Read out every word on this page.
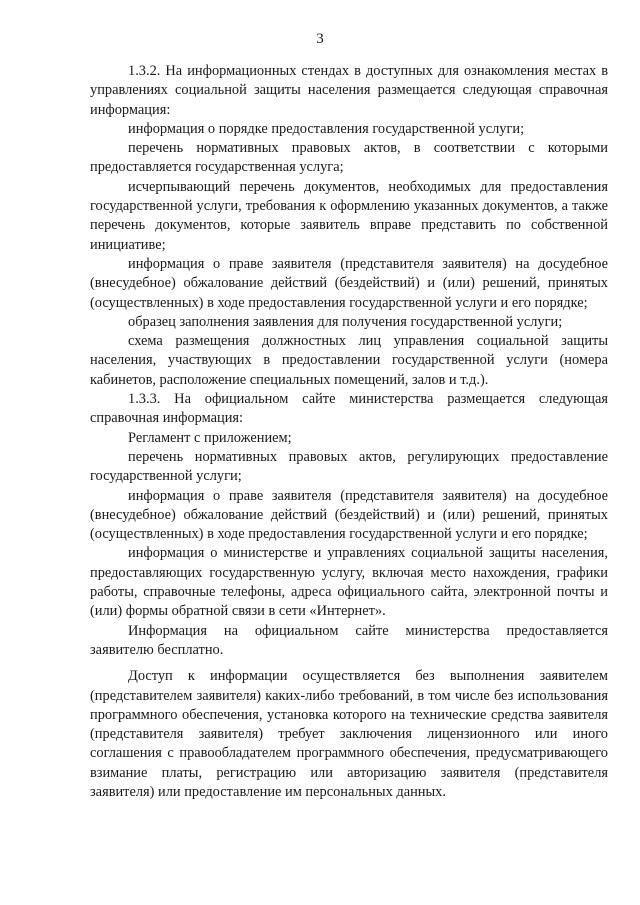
3

1.3.2. На информационных стендах в доступных для ознакомления местах в управлениях социальной защиты населения размещается следующая справочная информация:

информация о порядке предоставления государственной услуги;

перечень нормативных правовых актов, в соответствии с которыми предоставляется государственная услуга;

исчерпывающий перечень документов, необходимых для предоставления государственной услуги, требования к оформлению указанных документов, а также перечень документов, которые заявитель вправе представить по собственной инициативе;

информация о праве заявителя (представителя заявителя) на досудебное (внесудебное) обжалование действий (бездействий) и (или) решений, принятых (осуществленных) в ходе предоставления государственной услуги и его порядке;

образец заполнения заявления для получения государственной услуги;

схема размещения должностных лиц управления социальной защиты населения, участвующих в предоставлении государственной услуги (номера кабинетов, расположение специальных помещений, залов и т.д.).

1.3.3. На официальном сайте министерства размещается следующая справочная информация:

Регламент с приложением;

перечень нормативных правовых актов, регулирующих предоставление государственной услуги;

информация о праве заявителя (представителя заявителя) на досудебное (внесудебное) обжалование действий (бездействий) и (или) решений, принятых (осуществленных) в ходе предоставления государственной услуги и его порядке;

информация о министерстве и управлениях социальной защиты населения, предоставляющих государственную услугу, включая место нахождения, графики работы, справочные телефоны, адреса официального сайта, электронной почты и (или) формы обратной связи в сети «Интернет».

Информация на официальном сайте министерства предоставляется заявителю бесплатно.

Доступ к информации осуществляется без выполнения заявителем (представителем заявителя) каких-либо требований, в том числе без использования программного обеспечения, установка которого на технические средства заявителя (представителя заявителя) требует заключения лицензионного или иного соглашения с правообладателем программного обеспечения, предусматривающего взимание платы, регистрацию или авторизацию заявителя (представителя заявителя) или предоставление им персональных данных.
